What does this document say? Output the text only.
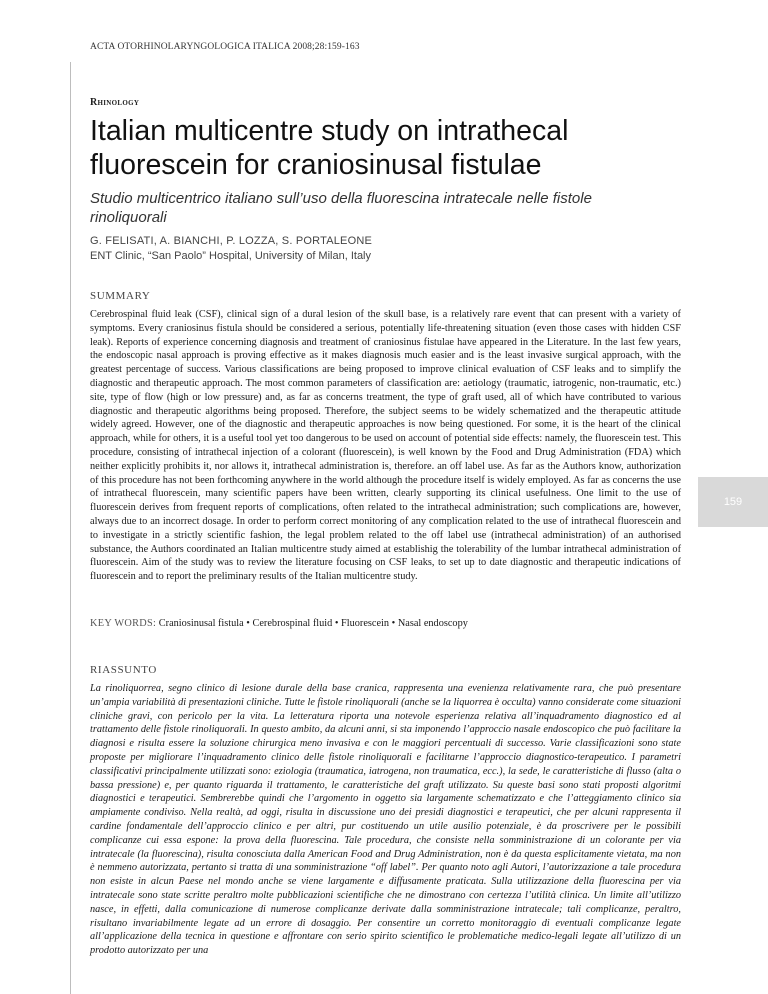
ACTA OTORHINOLARYNGOLOGICA ITALICA 2008;28:159-163
Rhinology
Italian multicentre study on intrathecal fluorescein for craniosinusal fistulae
Studio multicentrico italiano sull’uso della fluorescina intratecale nelle fistole rinoliquorali
G. FELISATI, A. BIANCHI, P. LOZZA, S. PORTALEONE
ENT Clinic, “San Paolo” Hospital, University of Milan, Italy
SUMMARY
Cerebrospinal fluid leak (CSF), clinical sign of a dural lesion of the skull base, is a relatively rare event that can present with a variety of symptoms. Every craniosinus fistula should be considered a serious, potentially life-threatening situation (even those cases with hidden CSF leak). Reports of experience concerning diagnosis and treatment of craniosinus fistulae have appeared in the Literature. In the last few years, the endoscopic nasal approach is proving effective as it makes diagnosis much easier and is the least invasive surgical approach, with the greatest percentage of success. Various classifications are being proposed to improve clinical evaluation of CSF leaks and to simplify the diagnostic and therapeutic approach. The most common parameters of classification are: aetiology (traumatic, iatrogenic, non-traumatic, etc.) site, type of flow (high or low pressure) and, as far as concerns treatment, the type of graft used, all of which have contributed to various diagnostic and therapeutic algorithms being proposed. Therefore, the subject seems to be widely schematized and the therapeutic attitude widely agreed. However, one of the diagnostic and therapeutic approaches is now being questioned. For some, it is the heart of the clinical approach, while for others, it is a useful tool yet too dangerous to be used on account of potential side effects: namely, the fluorescein test. This procedure, consisting of intrathecal injection of a colorant (fluorescein), is well known by the Food and Drug Administration (FDA) which neither explicitly prohibits it, nor allows it, intrathecal administration is, therefore. an off label use. As far as the Authors know, authorization of this procedure has not been forthcoming anywhere in the world although the procedure itself is widely employed. As far as concerns the use of intrathecal fluorescein, many scientific papers have been written, clearly supporting its clinical usefulness. One limit to the use of fluorescein derives from frequent reports of complications, often related to the intrathecal administration; such complications are, however, always due to an incorrect dosage. In order to perform correct monitoring of any complication related to the use of intrathecal fluorescein and to investigate in a strictly scientific fashion, the legal problem related to the off label use (intrathecal administration) of an authorised substance, the Authors coordinated an Italian multicentre study aimed at establishig the tolerability of the lumbar intrathecal administration of fluorescein. Aim of the study was to review the literature focusing on CSF leaks, to set up to date diagnostic and therapeutic indications of fluorescein and to report the preliminary results of the Italian multicentre study.
KEY WORDS: Craniosinusal fistula • Cerebrospinal fluid • Fluorescein • Nasal endoscopy
RIASSUNTO
La rinoliquorrea, segno clinico di lesione durale della base cranica, rappresenta una evenienza relativamente rara, che può presentare un’ampia variabilità di presentazioni cliniche. Tutte le fistole rinoliquorali (anche se la liquorrea è occulta) vanno considerate come situazioni cliniche gravi, con pericolo per la vita. La letteratura riporta una notevole esperienza relativa all’inquadramento diagnostico ed al trattamento delle fistole rinoliquorali. In questo ambito, da alcuni anni, si sta imponendo l’approccio nasale endoscopico che può facilitare la diagnosi e risulta essere la soluzione chirurgica meno invasiva e con le maggiori percentuali di successo. Varie classificazioni sono state proposte per migliorare l’inquadramento clinico delle fistole rinoliquorali e facilitarne l’approccio diagnostico-terapeutico. I parametri classificativi principalmente utilizzati sono: eziologia (traumatica, iatrogena, non traumatica, ecc.), la sede, le caratteristiche di flusso (alta o bassa pressione) e, per quanto riguarda il trattamento, le caratteristiche del graft utilizzato. Su queste basi sono stati proposti algoritmi diagnostici e terapeutici. Sembrerebbe quindi che l’argomento in oggetto sia largamente schematizzato e che l’atteggiamento clinico sia ampiamente condiviso. Nella realtà, ad oggi, risulta in discussione uno dei presidi diagnostici e terapeutici, che per alcuni rappresenta il cardine fondamentale dell’approccio clinico e per altri, pur costituendo un utile ausilio potenziale, è da proscrivere per le possibili complicanze cui essa espone: la prova della fluorescina. Tale procedura, che consiste nella somministrazione di un colorante per via intratecale (la fluorescina), risulta conosciuta dalla American Food and Drug Administration, non è da questa esplicitamente vietata, ma non è nemmeno autorizzata, pertanto si tratta di una somministrazione “off label”. Per quanto noto agli Autori, l’autorizzazione a tale procedura non esiste in alcun Paese nel mondo anche se viene largamente e diffusamente praticata. Sulla utilizzazione della fluorescina per via intratecale sono state scritte peraltro molte pubblicazioni scientifiche che ne dimostrano con certezza l’utilità clinica. Un limite all’utilizzo nasce, in effetti, dalla comunicazione di numerose complicanze derivate dalla somministrazione intratecale; tali complicanze, peraltro, risultano invariabilmente legate ad un errore di dosaggio. Per consentire un corretto monitoraggio di eventuali complicanze legate all’applicazione della tecnica in questione e affrontare con serio spirito scientifico le problematiche medico-legali legate all’utilizzo di un prodotto autorizzato per una
159
